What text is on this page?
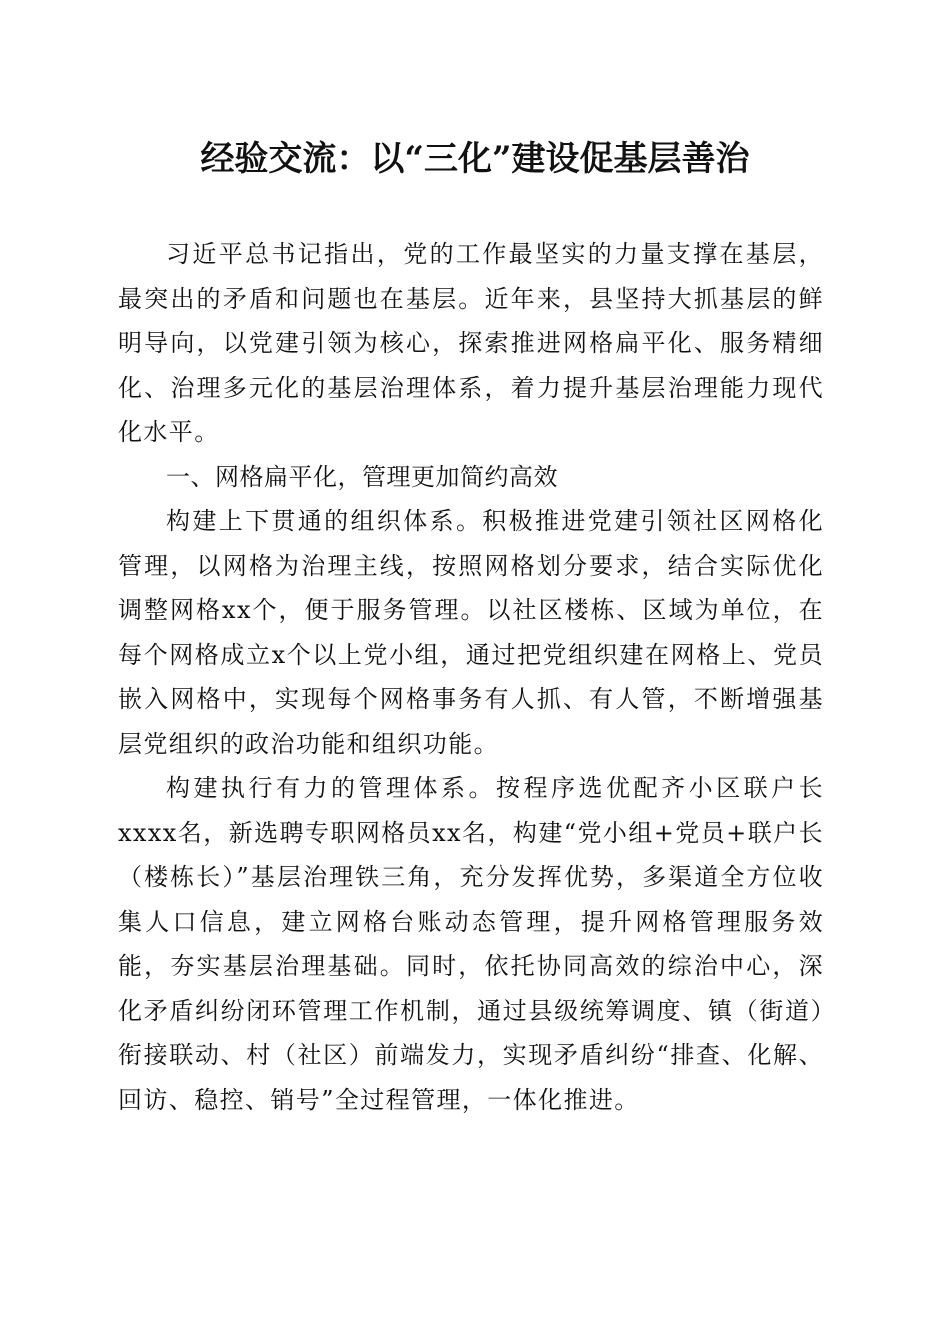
经验交流：以“三化”建设促基层善治

习近平总书记指出，党的工作最坚实的力量支撑在基层，最突出的矛盾和问题也在基层。近年来，县坚持大抓基层的鲜明导向，以党建引领为核心，探索推进网格扁平化、服务精细化、治理多元化的基层治理体系，着力提升基层治理能力现代化水平。

一、网格扁平化，管理更加简约高效

构建上下贯通的组织体系。积极推进党建引领社区网格化管理，以网格为治理主线，按照网格划分要求，结合实际优化调整网格xx个，便于服务管理。以社区楼栋、区域为单位，在每个网格成立x个以上党小组，通过把党组织建在网格上、党员嵌入网格中，实现每个网格事务有人抓、有人管，不断增强基层党组织的政治功能和组织功能。

构建执行有力的管理体系。按程序选优配齐小区联户长xxxx名，新选聘专职网格员xx名，构建“党小组+党员+联户长（楼栋长）”基层治理铁三角，充分发挥优势，多渠道全方位收集人口信息，建立网格台账动态管理，提升网格管理服务效能，夯实基层治理基础。同时，依托协同高效的综治中心，深化矛盾纠纷闭环管理工作机制，通过县级统筹调度、镇（街道）衔接联动、村（社区）前端发力，实现矛盾纠纷“排查、化解、回访、稳控、销号”全过程管理，一体化推进。
